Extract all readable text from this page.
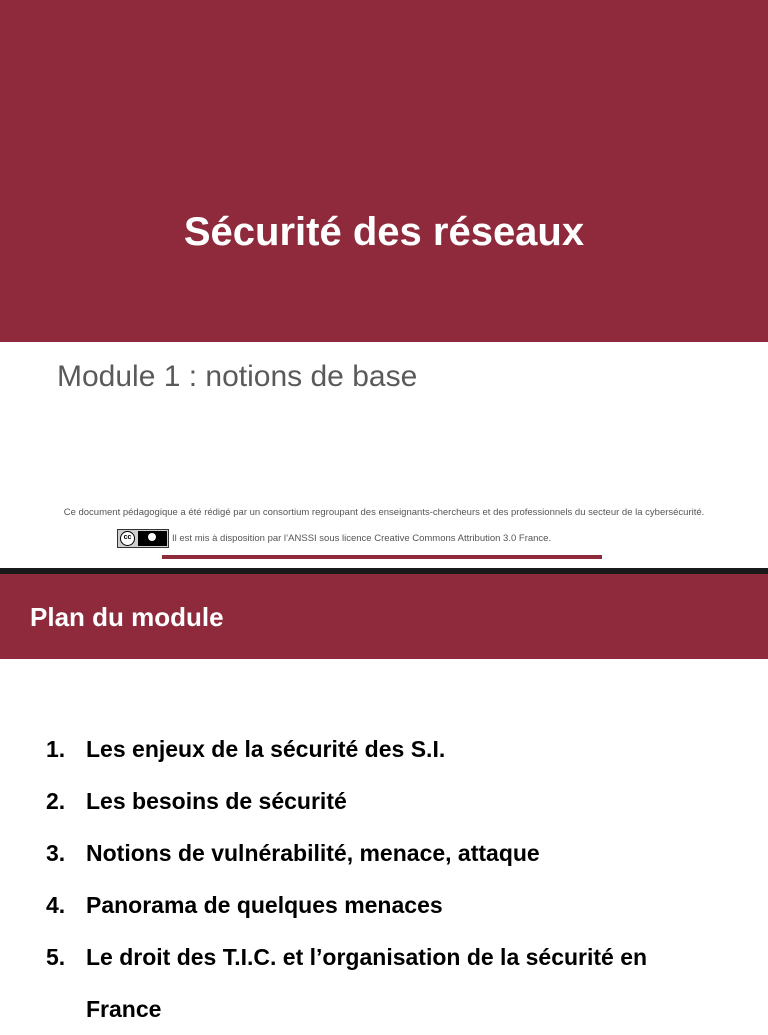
Sécurité des réseaux
Module 1 : notions de base
Ce document pédagogique a été rédigé par un consortium regroupant des enseignants-chercheurs et des professionnels du secteur de la cybersécurité.
cc	Il est mis à disposition par l’ANSSI sous licence Creative Commons Attribution 3.0 France.
Plan du module
1. Les enjeux de la sécurité des S.I.
2. Les besoins de sécurité
3. Notions de vulnérabilité, menace, attaque
4. Panorama de quelques menaces
5. Le droit des T.I.C. et l’organisation de la sécurité en France
